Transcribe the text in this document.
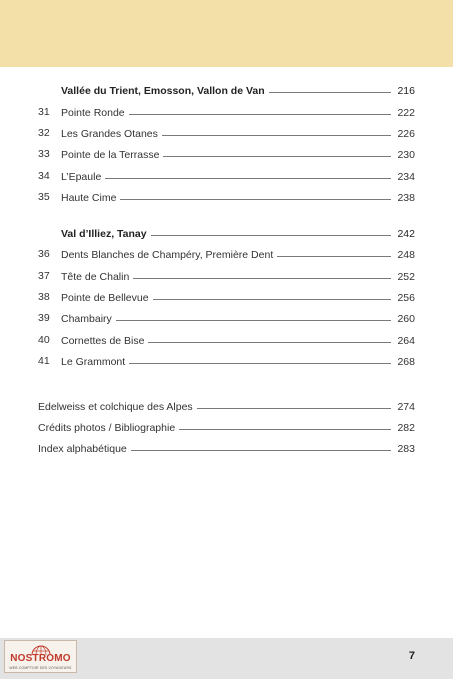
Vallée du Trient, Emosson, Vallon de Van	216
31 Pointe Ronde	222
32 Les Grandes Otanes	226
33 Pointe de la Terrasse	230
34 L’Epaule	234
35 Haute Cime	238
Val d’Illiez, Tanay	242
36 Dents Blanches de Champéry, Première Dent	248
37 Tête de Chalin	252
38 Pointe de Bellevue	256
39 Chambairy	260
40 Cornettes de Bise	264
41 Le Grammont	268
Edelweiss et colchique des Alpes	274
Crédits photos / Bibliographie	282
Index alphabétique	283
NOSTROMO
WEB COMPTOIR DES VOYAGEURS
7
